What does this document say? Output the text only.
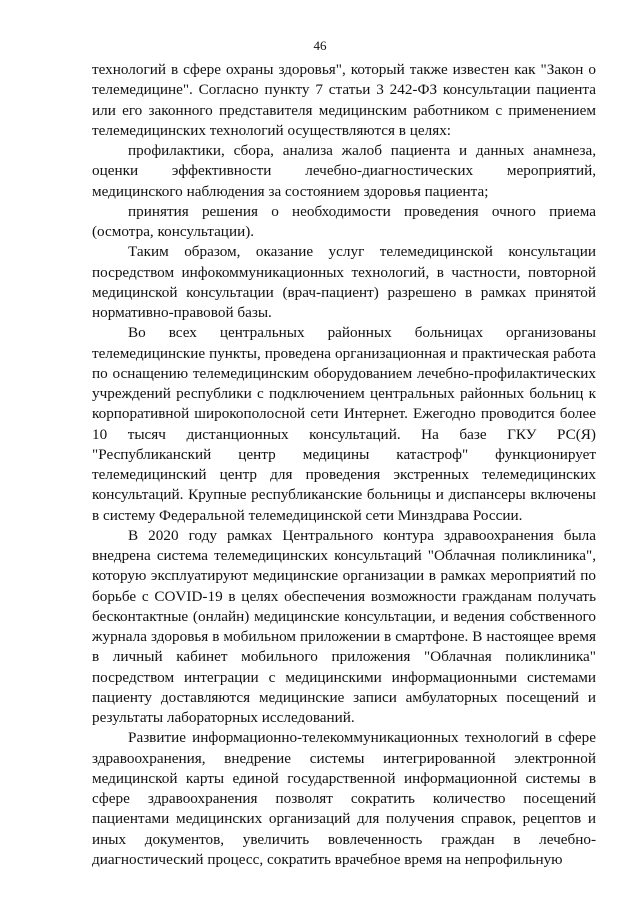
46

технологий в сфере охраны здоровья", который также известен как "Закон о телемедицине". Согласно пункту 7 статьи 3 242-ФЗ консультации пациента или его законного представителя медицинским работником с применением телемедицинских технологий осуществляются в целях:

профилактики, сбора, анализа жалоб пациента и данных анамнеза, оценки эффективности лечебно-диагностических мероприятий, медицинского наблюдения за состоянием здоровья пациента;

принятия решения о необходимости проведения очного приема (осмотра, консультации).

Таким образом, оказание услуг телемедицинской консультации посредством инфокоммуникационных технологий, в частности, повторной медицинской консультации (врач-пациент) разрешено в рамках принятой нормативно-правовой базы.

Во всех центральных районных больницах организованы телемедицинские пункты, проведена организационная и практическая работа по оснащению телемедицинским оборудованием лечебно-профилактических учреждений республики с подключением центральных районных больниц к корпоративной широкополосной сети Интернет. Ежегодно проводится более 10 тысяч дистанционных консультаций. На базе ГКУ РС(Я) "Республиканский центр медицины катастроф" функционирует телемедицинский центр для проведения экстренных телемедицинских консультаций. Крупные республиканские больницы и диспансеры включены в систему Федеральной телемедицинской сети Минздрава России.

В 2020 году рамках Центрального контура здравоохранения была внедрена система телемедицинских консультаций "Облачная поликлиника", которую эксплуатируют медицинские организации в рамках мероприятий по борьбе с COVID-19 в целях обеспечения возможности гражданам получать бесконтактные (онлайн) медицинские консультации, и ведения собственного журнала здоровья в мобильном приложении в смартфоне. В настоящее время в личный кабинет мобильного приложения "Облачная поликлиника" посредством интеграции с медицинскими информационными системами пациенту доставляются медицинские записи амбулаторных посещений и результаты лабораторных исследований.

Развитие информационно-телекоммуникационных технологий в сфере здравоохранения, внедрение системы интегрированной электронной медицинской карты единой государственной информационной системы в сфере здравоохранения позволят сократить количество посещений пациентами медицинских организаций для получения справок, рецептов и иных документов, увеличить вовлеченность граждан в лечебно-диагностический процесс, сократить врачебное время на непрофильную
